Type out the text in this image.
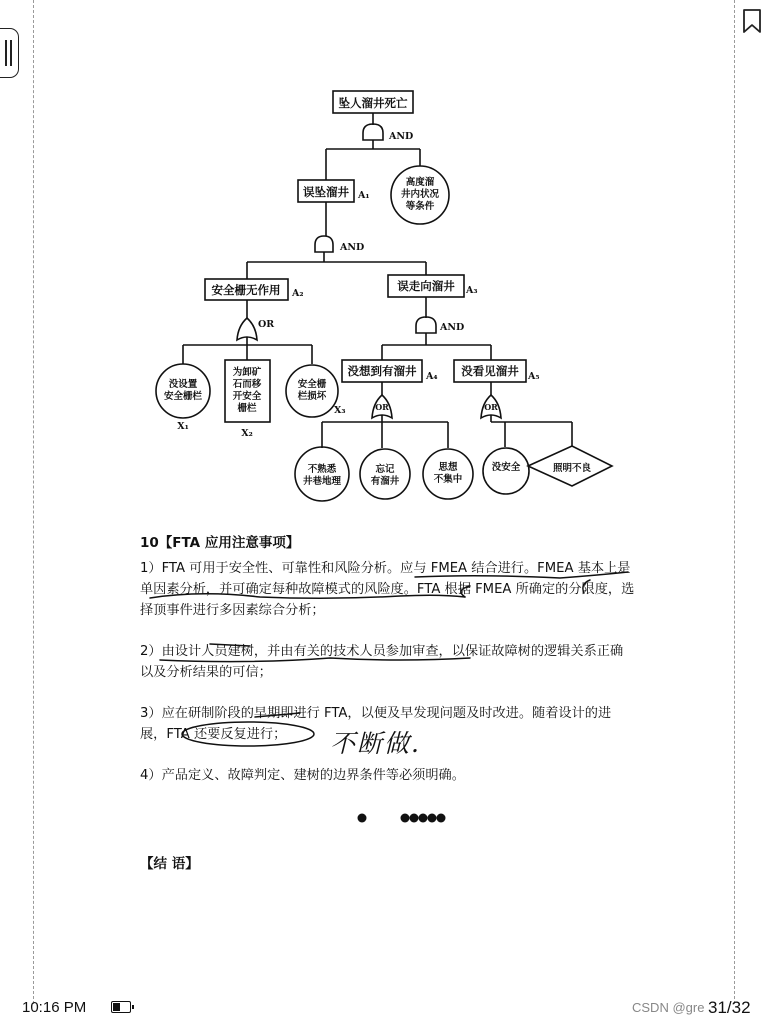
坠人溜井死亡
AND
误坠溜井 A₁
高度溜
井内状况
等条件
AND
安全栅无作用 A₂
误走向溜井 A₃
OR	AND
没设置
安全栅栏
X₁
为卸矿
石而移
开安全
栅栏
X₂
安全栅
栏损坏
X₃
没想到有溜井 A₄ 没看见溜井 A₅
OR	OR
不熟悉
井巷地理
忘记
有溜井
思想
不集中
没安全	照明不良

10【FTA 应用注意事项】

1）FTA 可用于安全性、可靠性和风险分析。应与 FMEA 结合进行。FMEA 基本上是单因素分析，并可确定每种故障模式的风险度。FTA 根据 FMEA 所确定的分限度，选择顶事件进行多因素综合分析；

2）由设计人员建树，并由有关的技术人员参加审查，以保证故障树的逻辑关系正确以及分析结果的可信；

3）应在研制阶段的早期即进行 FTA，以便及早发现问题及时改进。随着设计的进展，FTA 还要反复进行；

4）产品定义、故障判定、建树的边界条件等必须明确。

不断做.
【结 语】
10:16 PM	CSDN @gre 31/32
